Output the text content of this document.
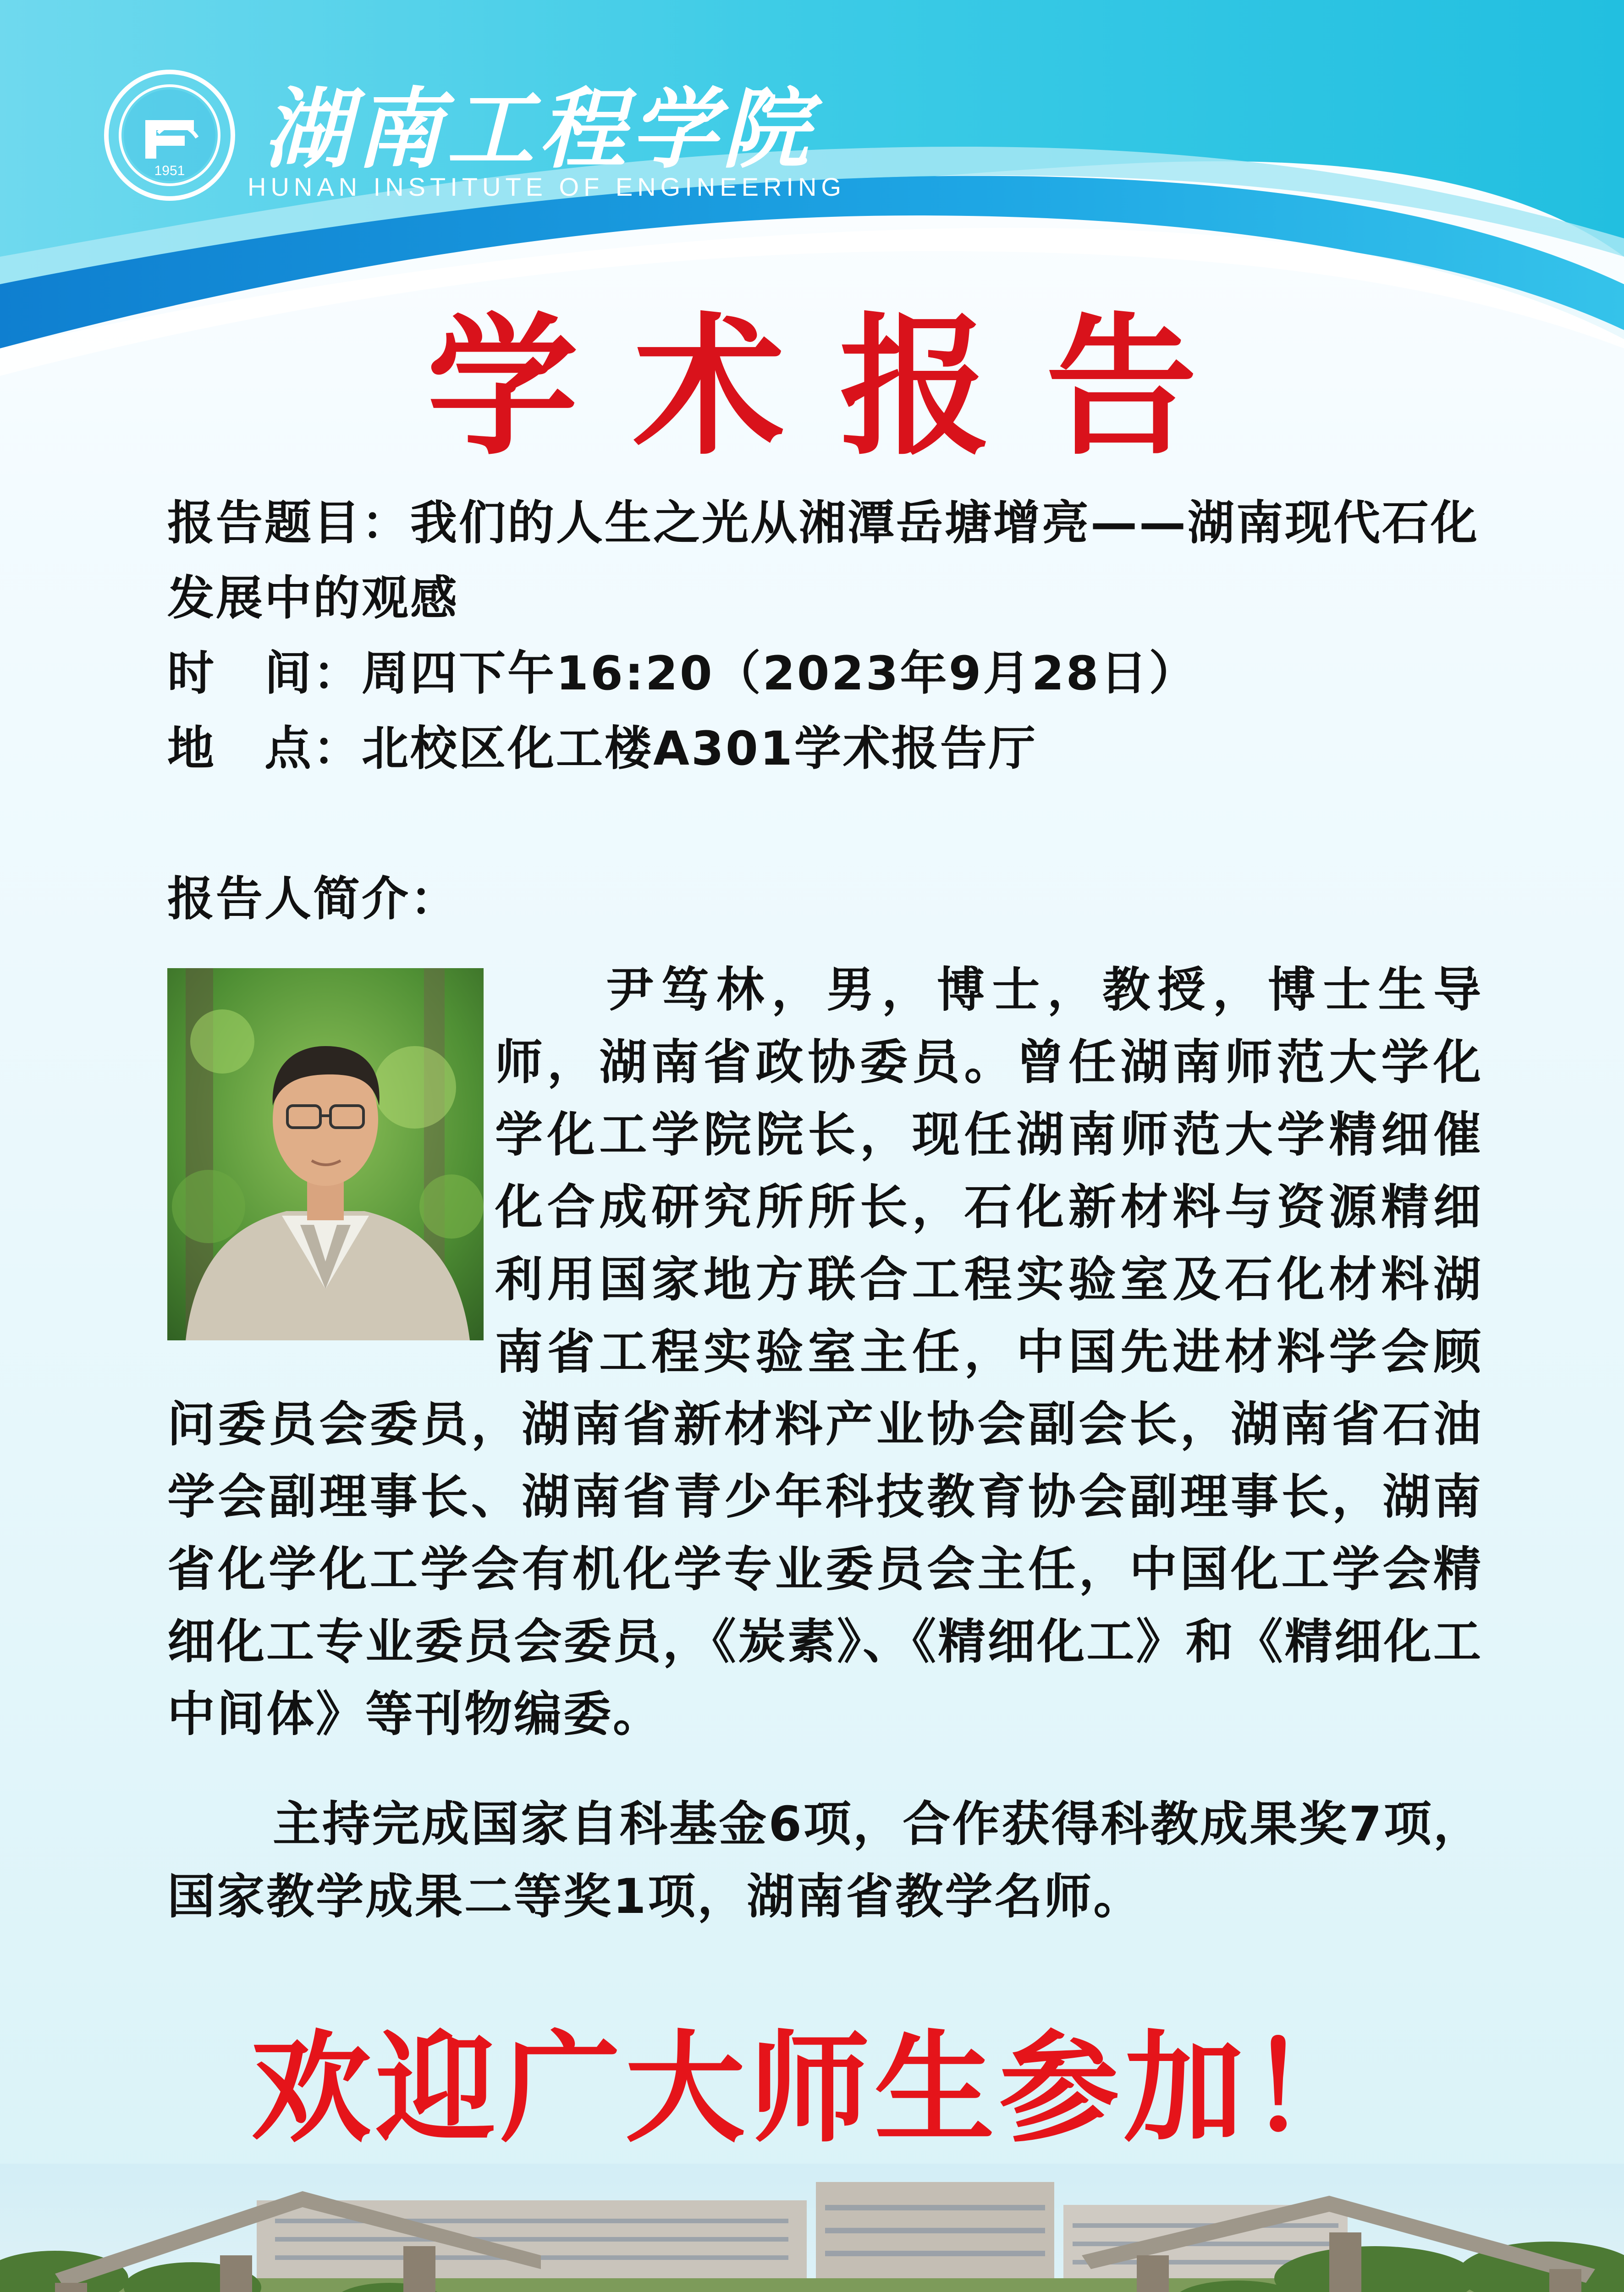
1951 湖南工程学院
HUNAN INSTITUTE OF ENGINEERING
学术报告
报告题目：我们的人生之光从湘潭岳塘增亮——湖南现代石化发展中的观感
时　间：周四下午16:20（2023年9月28日）
地　点：北校区化工楼A301学术报告厅
报告人简介：

尹笃林，男，博士，教授，博士生导师，湖南省政协委员。曾任湖南师范大学化学化工学院院长，现任湖南师范大学精细催化合成研究所所长，石化新材料与资源精细利用国家地方联合工程实验室及石化材料湖南省工程实验室主任，中国先进材料学会顾问委员会委员，湖南省新材料产业协会副会长，湖南省石油学会副理事长、湖南省青少年科技教育协会副理事长，湖南省化学化工学会有机化学专业委员会主任，中国化工学会精细化工专业委员会委员，《炭素》、《精细化工》和《精细化工中间体》等刊物编委。

主持完成国家自科基金6项，合作获得科教成果奖7项，国家教学成果二等奖1项，湖南省教学名师。

欢迎广大师生参加！
